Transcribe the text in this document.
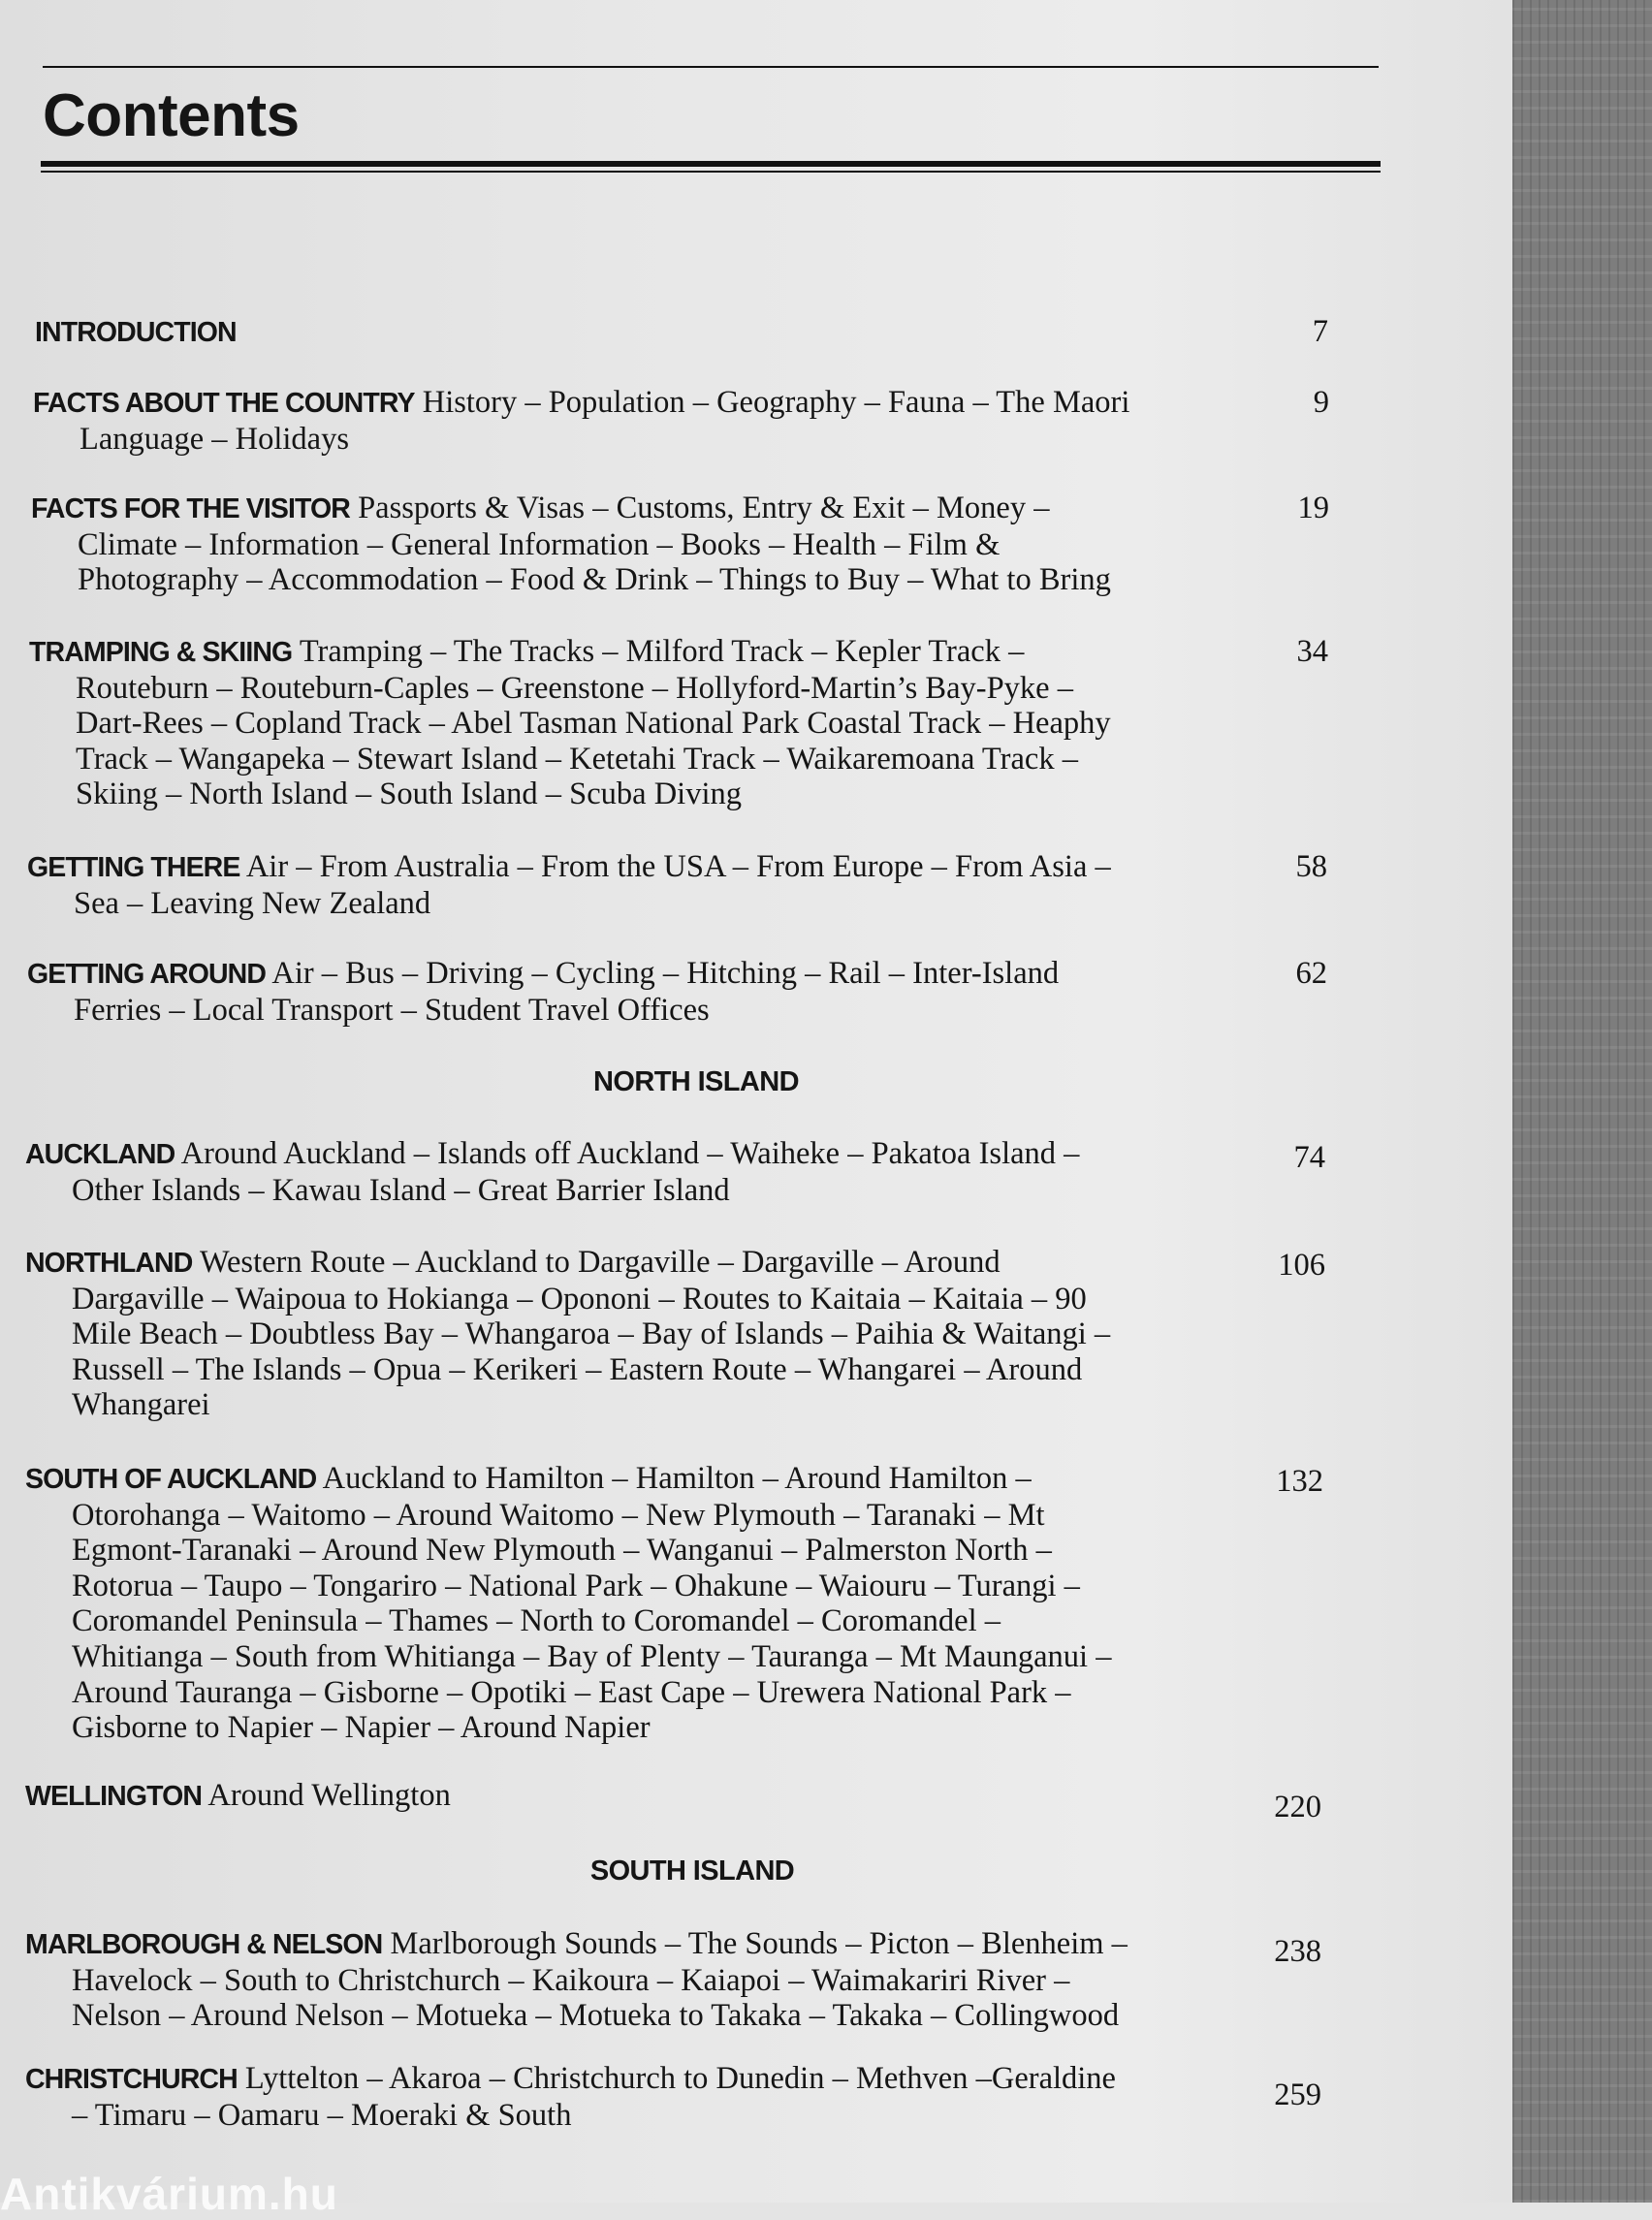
Contents

INTRODUCTION	7

FACTS ABOUT THE COUNTRY History – Population – Geography – Fauna – The Maori
Language – Holidays

9

FACTS FOR THE VISITOR Passports & Visas – Customs, Entry & Exit – Money –
Climate – Information – General Information – Books – Health – Film &
Photography – Accommodation – Food & Drink – Things to Buy – What to Bring

19

TRAMPING & SKIING Tramping – The Tracks – Milford Track – Kepler Track –
Routeburn – Routeburn-Caples – Greenstone – Hollyford-Martin’s Bay-Pyke –
Dart-Rees – Copland Track – Abel Tasman National Park Coastal Track – Heaphy
Track – Wangapeka – Stewart Island – Ketetahi Track – Waikaremoana Track –
Skiing – North Island – South Island – Scuba Diving

34

GETTING THERE Air – From Australia – From the USA – From Europe – From Asia –
Sea – Leaving New Zealand

58

GETTING AROUND Air – Bus – Driving – Cycling – Hitching – Rail – Inter-Island
Ferries – Local Transport – Student Travel Offices

62
NORTH ISLAND

AUCKLAND Around Auckland – Islands off Auckland – Waiheke – Pakatoa Island –
Other Islands – Kawau Island – Great Barrier Island

74

NORTHLAND Western Route – Auckland to Dargaville – Dargaville – Around
Dargaville – Waipoua to Hokianga – Opononi – Routes to Kaitaia – Kaitaia – 90
Mile Beach – Doubtless Bay – Whangaroa – Bay of Islands – Paihia & Waitangi –
Russell – The Islands – Opua – Kerikeri – Eastern Route – Whangarei – Around
Whangarei

106

SOUTH OF AUCKLAND Auckland to Hamilton – Hamilton – Around Hamilton –
Otorohanga – Waitomo – Around Waitomo – New Plymouth – Taranaki – Mt
Egmont-Taranaki – Around New Plymouth – Wanganui – Palmerston North –
Rotorua – Taupo – Tongariro – National Park – Ohakune – Waiouru – Turangi –
Coromandel Peninsula – Thames – North to Coromandel – Coromandel –
Whitianga – South from Whitianga – Bay of Plenty – Tauranga – Mt Maunganui –
Around Tauranga – Gisborne – Opotiki – East Cape – Urewera National Park –
Gisborne to Napier – Napier – Around Napier

132

WELLINGTON Around Wellington	220
SOUTH ISLAND

MARLBOROUGH & NELSON Marlborough Sounds – The Sounds – Picton – Blenheim –
Havelock – South to Christchurch – Kaikoura – Kaiapoi – Waimakariri River –
Nelson – Around Nelson – Motueka – Motueka to Takaka – Takaka – Collingwood

238

CHRISTCHURCH Lyttelton – Akaroa – Christchurch to Dunedin – Methven –Geraldine
– Timaru – Oamaru – Moeraki & South

259

Antikvárium.hu
